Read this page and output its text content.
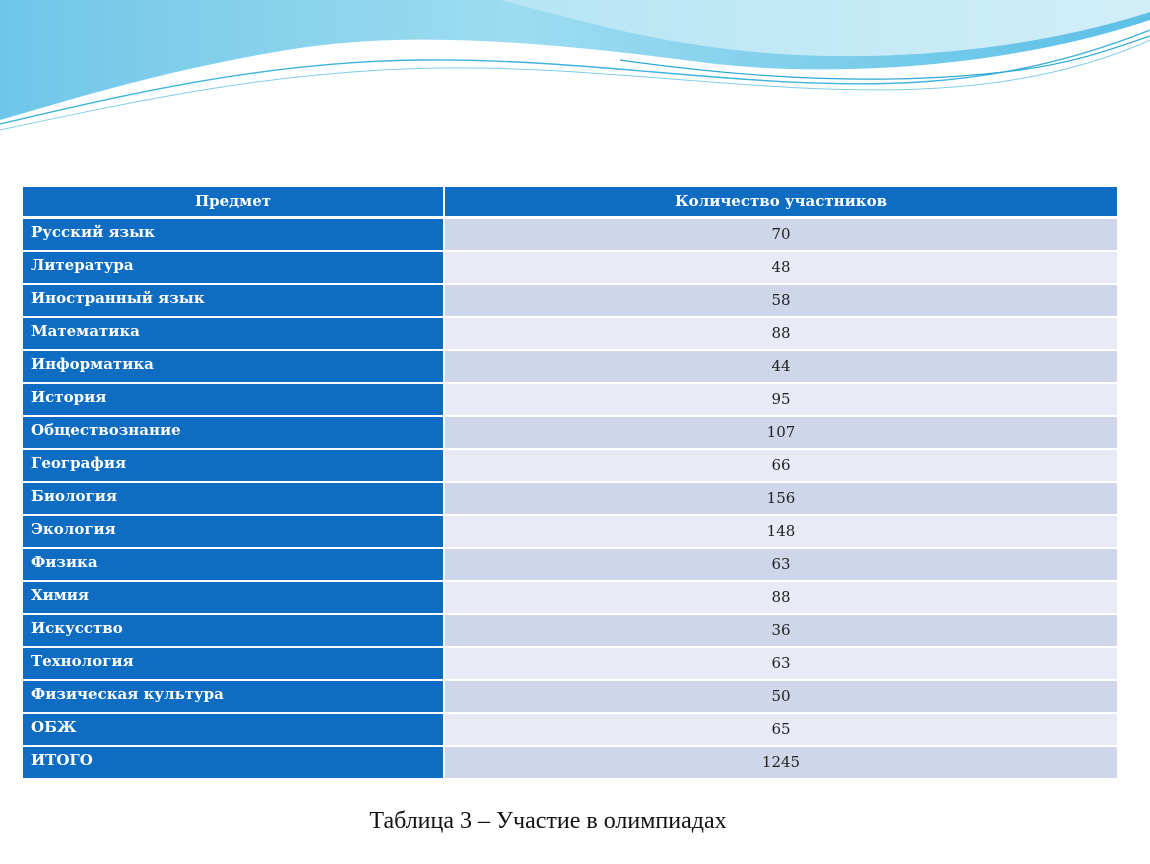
Предмет	Количество участников
Русский язык	70
Литература	48
Иностранный язык	58
Математика	88
Информатика	44
История	95
Обществознание	107
География	66
Биология	156
Экология	148
Физика	63
Химия	88
Искусство	36
Технология	63
Физическая культура	50
ОБЖ	65
ИТОГО	1245
Таблица 3 – Участие в олимпиадах
